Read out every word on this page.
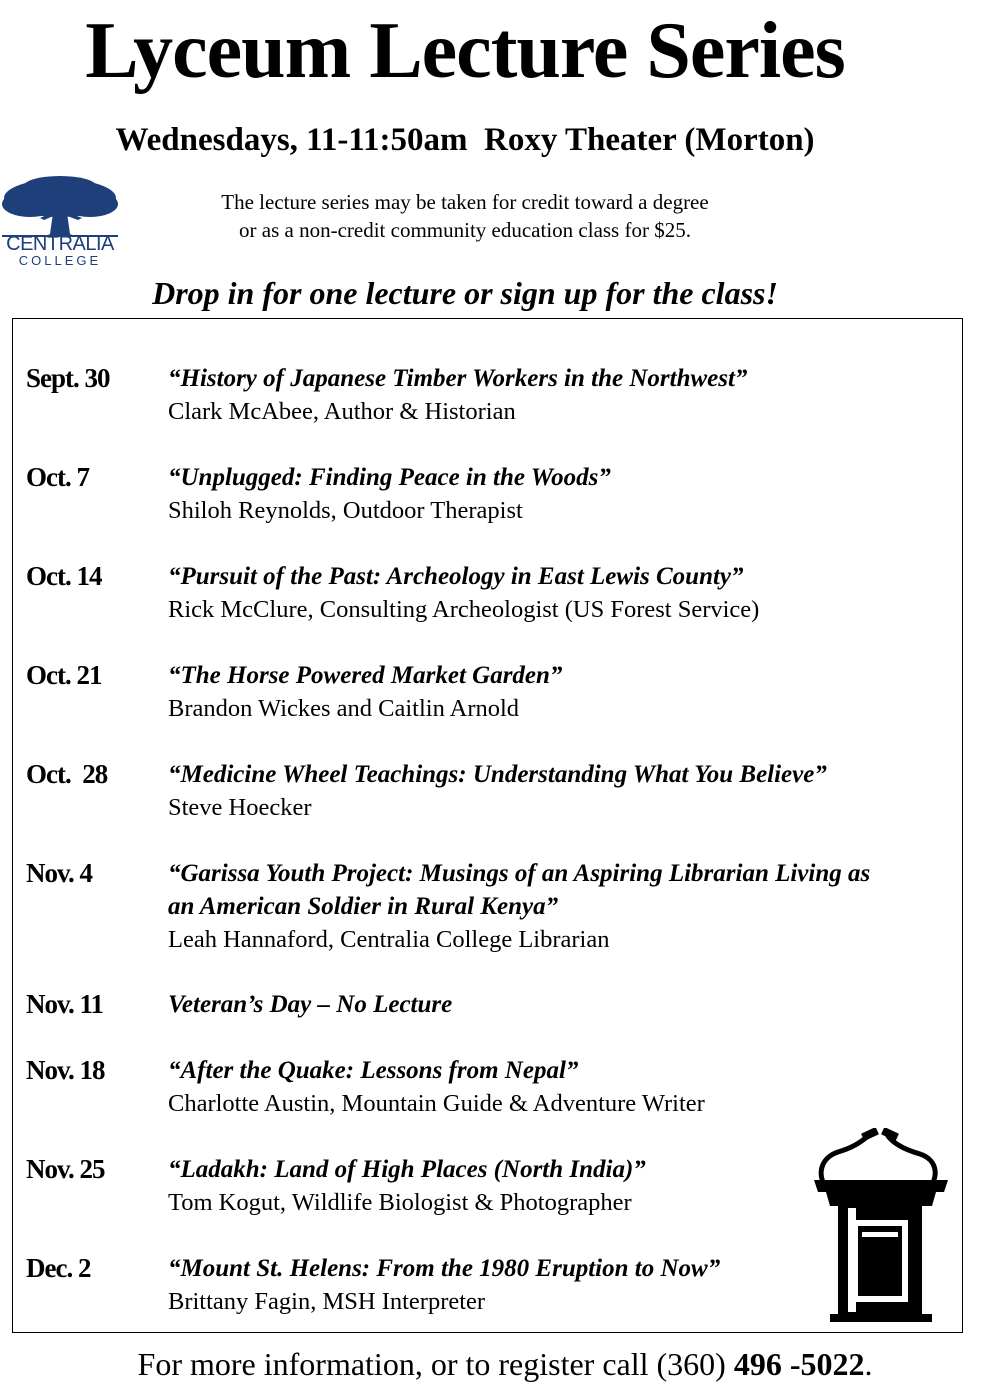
Lyceum Lecture Series
Wednesdays, 11-11:50am  Roxy Theater (Morton)
CENTRALIA
COLLEGE
The lecture series may be taken for credit toward a degree
or as a non-credit community education class for $25.
Drop in for one lecture or sign up for the class!
Sept. 30	“History of Japanese Timber Workers in the Northwest”
Clark McAbee, Author & Historian
Oct. 7	“Unplugged: Finding Peace in the Woods”
Shiloh Reynolds, Outdoor Therapist
Oct. 14	“Pursuit of the Past: Archeology in East Lewis County”
Rick McClure, Consulting Archeologist (US Forest Service)
Oct. 21	“The Horse Powered Market Garden”
Brandon Wickes and Caitlin Arnold
Oct.  28	“Medicine Wheel Teachings: Understanding What You Believe”
Steve Hoecker
Nov. 4	“Garissa Youth Project: Musings of an Aspiring Librarian Living as
an American Soldier in Rural Kenya”
Leah Hannaford, Centralia College Librarian
Nov. 11	Veteran’s Day – No Lecture
Nov. 18	“After the Quake: Lessons from Nepal”
Charlotte Austin, Mountain Guide & Adventure Writer
Nov. 25	“Ladakh: Land of High Places (North India)”
Tom Kogut, Wildlife Biologist & Photographer
Dec. 2	“Mount St. Helens: From the 1980 Eruption to Now”
Brittany Fagin, MSH Interpreter
For more information, or to register call (360) 496 -5022.
